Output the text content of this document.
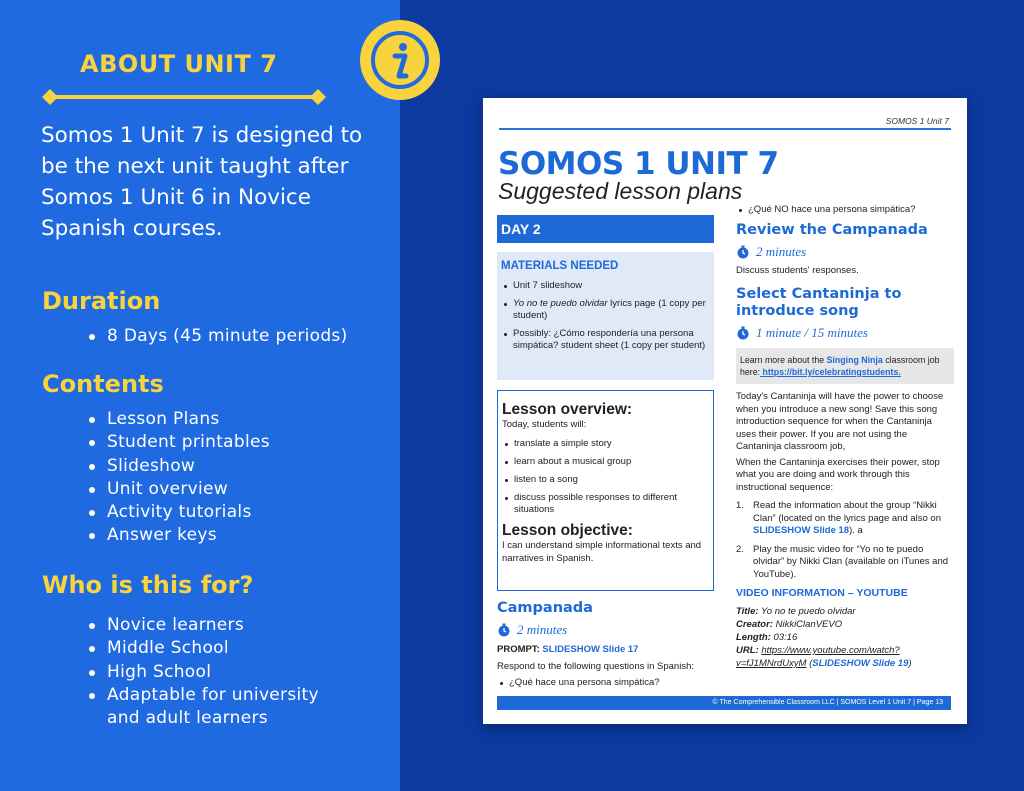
ABOUT UNIT 7
Somos 1 Unit 7 is designed to be the next unit taught after Somos 1 Unit 6 in Novice Spanish courses.
Duration
8 Days (45 minute periods)
Contents
Lesson Plans
Student printables
Slideshow
Unit overview
Activity tutorials
Answer keys
Who is this for?
Novice learners
Middle School
High School
Adaptable for university and adult learners
SOMOS 1 Unit 7
SOMOS 1 UNIT 7
Suggested lesson plans
DAY 2
MATERIALS NEEDED
Unit 7 slideshow
Yo no te puedo olvidar lyrics page (1 copy per student)
Possibly: ¿Cómo respondería una persona simpática? student sheet (1 copy per student)
Lesson overview:
Today, students will:
translate a simple story
learn about a musical group
listen to a song
discuss possible responses to different situations
Lesson objective:
I can understand simple informational texts and narratives in Spanish.
Campanada
2 minutes
PROMPT: SLIDESHOW Slide 17
Respond to the following questions in Spanish:
¿Qué hace una persona simpática?
¿Qué NO hace una persona simpática?
Review the Campanada
2 minutes
Discuss students' responses.
Select Cantaninja to introduce song
1 minute / 15 minutes
Learn more about the Singing Ninja classroom job here: https://bit.ly/celebratingstudents.
Today's Cantaninja will have the power to choose when you introduce a new song! Save this song introduction sequence for when the Cantaninja uses their power. If you are not using the Cantaninja classroom job,
When the Cantaninja exercises their power, stop what you are doing and work through this instructional sequence:
1. Read the information about the group “Nikki Clan” (located on the lyrics page and also on SLIDESHOW Slide 18). a
2. Play the music video for “Yo no te puedo olvidar” by Nikki Clan (available on iTunes and YouTube).
VIDEO INFORMATION – YOUTUBE
Title: Yo no te puedo olvidar
Creator: NikkiClanVEVO
Length: 03:16
URL: https://www.youtube.com/watch?v=fJ1MNrdUxyM (SLIDESHOW Slide 19)
© The Comprehensible Classroom LLC | SOMOS Level 1 Unit 7 | Page 13
